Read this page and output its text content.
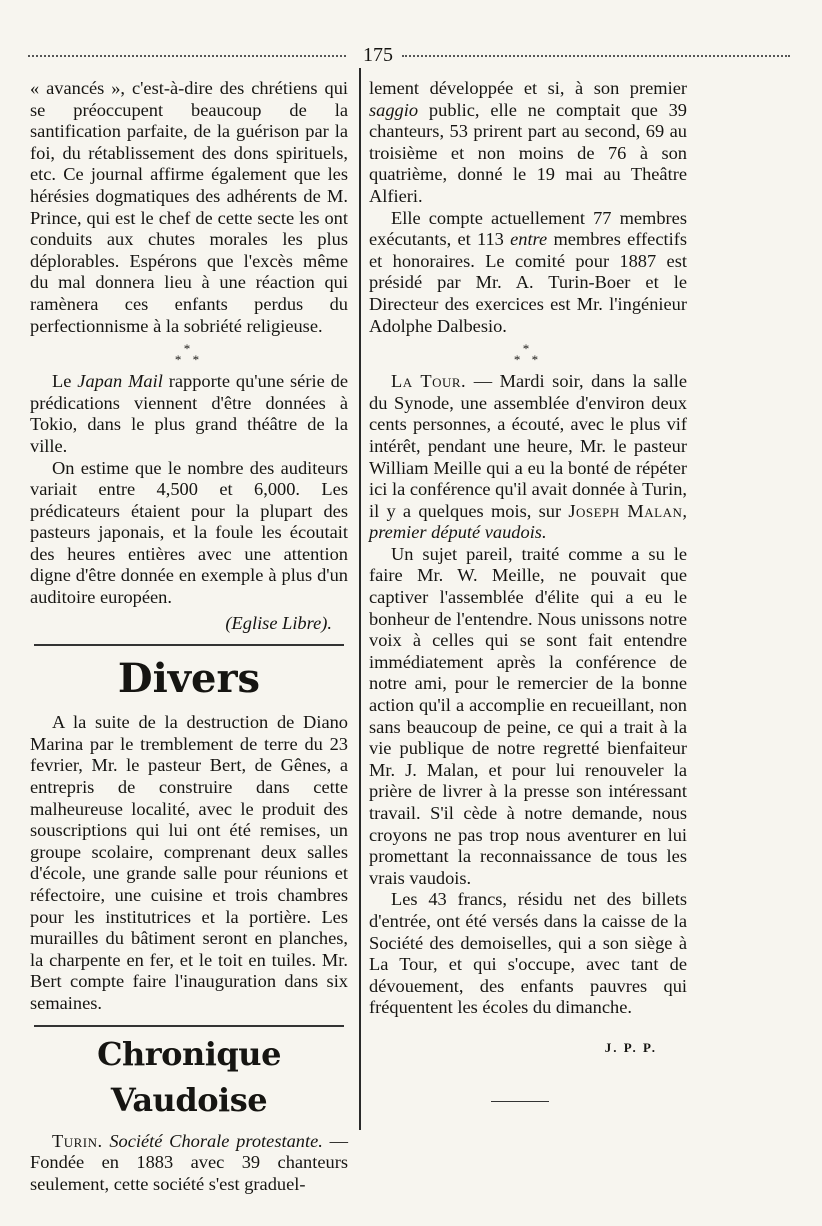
175

« avancés », c'est-à-dire des chrétiens qui se préoccupent beaucoup de la santification parfaite, de la guérison par la foi, du rétablissement des dons spirituels, etc. Ce journal affirme également que les hérésies dogmatiques des adhérents de M. Prince, qui est le chef de cette secte les ont conduits aux chutes morales les plus déplorables. Espérons que l'excès même du mal donnera lieu à une réaction qui ramènera ces enfants perdus du perfectionnisme à la sobriété religieuse.

*
* *

Le Japan Mail rapporte qu'une série de prédications viennent d'être données à Tokio, dans le plus grand théâtre de la ville.

On estime que le nombre des auditeurs variait entre 4,500 et 6,000. Les prédicateurs étaient pour la plupart des pasteurs japonais, et la foule les écoutait des heures entières avec une attention digne d'être donnée en exemple à plus d'un auditoire européen.

(Eglise Libre).

Divers

A la suite de la destruction de Diano Marina par le tremblement de terre du 23 fevrier, Mr. le pasteur Bert, de Gênes, a entrepris de construire dans cette malheureuse localité, avec le produit des souscriptions qui lui ont été remises, un groupe scolaire, comprenant deux salles d'école, une grande salle pour réunions et réfectoire, une cuisine et trois chambres pour les institutrices et la portière. Les murailles du bâtiment seront en planches, la charpente en fer, et le toit en tuiles. Mr. Bert compte faire l'inauguration dans six semaines.

Chronique Vaudoise

Turin. Société Chorale protestante. — Fondée en 1883 avec 39 chanteurs seulement, cette société s'est graduel-

lement développée et si, à son premier saggio public, elle ne comptait que 39 chanteurs, 53 prirent part au second, 69 au troisième et non moins de 76 à son quatrième, donné le 19 mai au Theâtre Alfieri.

Elle compte actuellement 77 membres exécutants, et 113 entre membres effectifs et honoraires. Le comité pour 1887 est présidé par Mr. A. Turin-Boer et le Directeur des exercices est Mr. l'ingénieur Adolphe Dalbesio.

*
* *

La Tour. — Mardi soir, dans la salle du Synode, une assemblée d'environ deux cents personnes, a écouté, avec le plus vif intérêt, pendant une heure, Mr. le pasteur William Meille qui a eu la bonté de répéter ici la conférence qu'il avait donnée à Turin, il y a quelques mois, sur Joseph Malan, premier député vaudois.

Un sujet pareil, traité comme a su le faire Mr. W. Meille, ne pouvait que captiver l'assemblée d'élite qui a eu le bonheur de l'entendre. Nous unissons notre voix à celles qui se sont fait entendre immédiatement après la conférence de notre ami, pour le remercier de la bonne action qu'il a accomplie en recueillant, non sans beaucoup de peine, ce qui a trait à la vie publique de notre regretté bienfaiteur Mr. J. Malan, et pour lui renouveler la prière de livrer à la presse son intéressant travail. S'il cède à notre demande, nous croyons ne pas trop nous aventurer en lui promettant la reconnaissance de tous les vrais vaudois.

Les 43 francs, résidu net des billets d'entrée, ont été versés dans la caisse de la Société des demoiselles, qui a son siège à La Tour, et qui s'occupe, avec tant de dévouement, des enfants pauvres qui fréquentent les écoles du dimanche.

J. P. P.
